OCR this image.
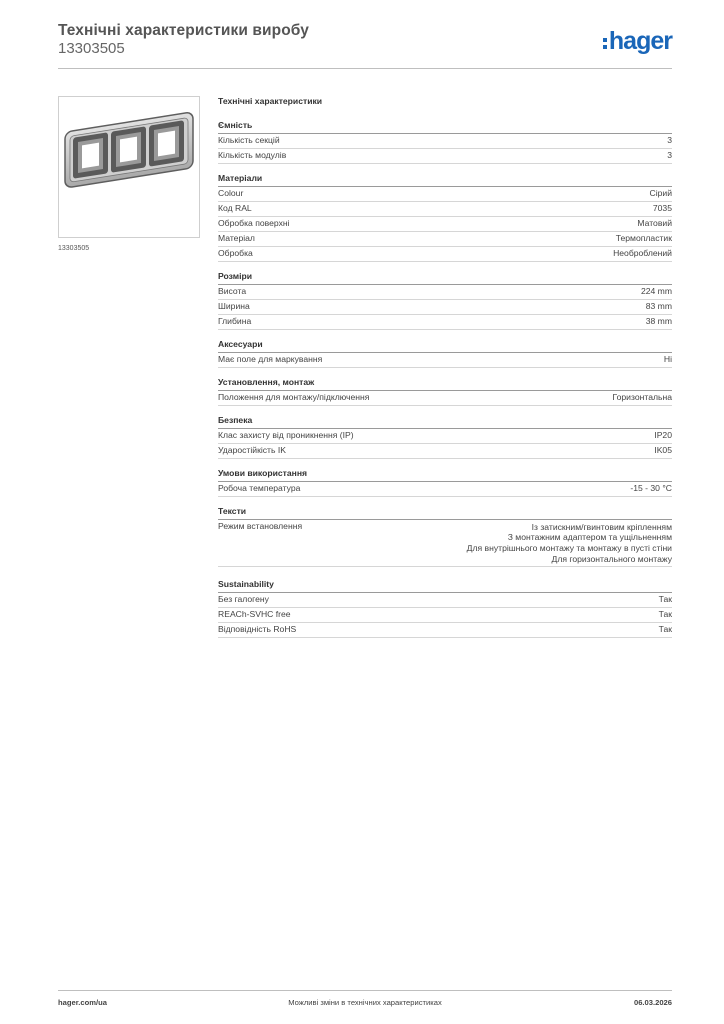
Технічні характеристики виробу
13303505	hager
13303505
Технічні характеристики
Ємність
Кількість секцій	3
Кількість модулів	3
Матеріали
Colour	Сірий
Код RAL	7035
Обробка поверхні	Матовий
Матеріал	Термопластик
Обробка	Необроблений
Розміри
Висота	224 mm
Ширина	83 mm
Глибина	38 mm
Аксесуари
Має поле для маркування	Ні
Установлення, монтаж
Положення для монтажу/підключення	Горизонтальна
Безпека
Клас захисту від проникнення (IP)	IP20
Ударостійкість IK	IK05
Умови використання
Робоча температура	-15 - 30 °C
Тексти
Режим встановлення	Із затискним/гвинтовим кріпленням
З монтажним адаптером та ущільненням
Для внутрішнього монтажу та монтажу в пусті стіни
Для горизонтального монтажу
Sustainability
Без галогену	Так
REACh-SVHC free	Так
Відповідність RoHS	Так
hager.com/ua	Можливі зміни в технічних характеристиках	06.03.2026
